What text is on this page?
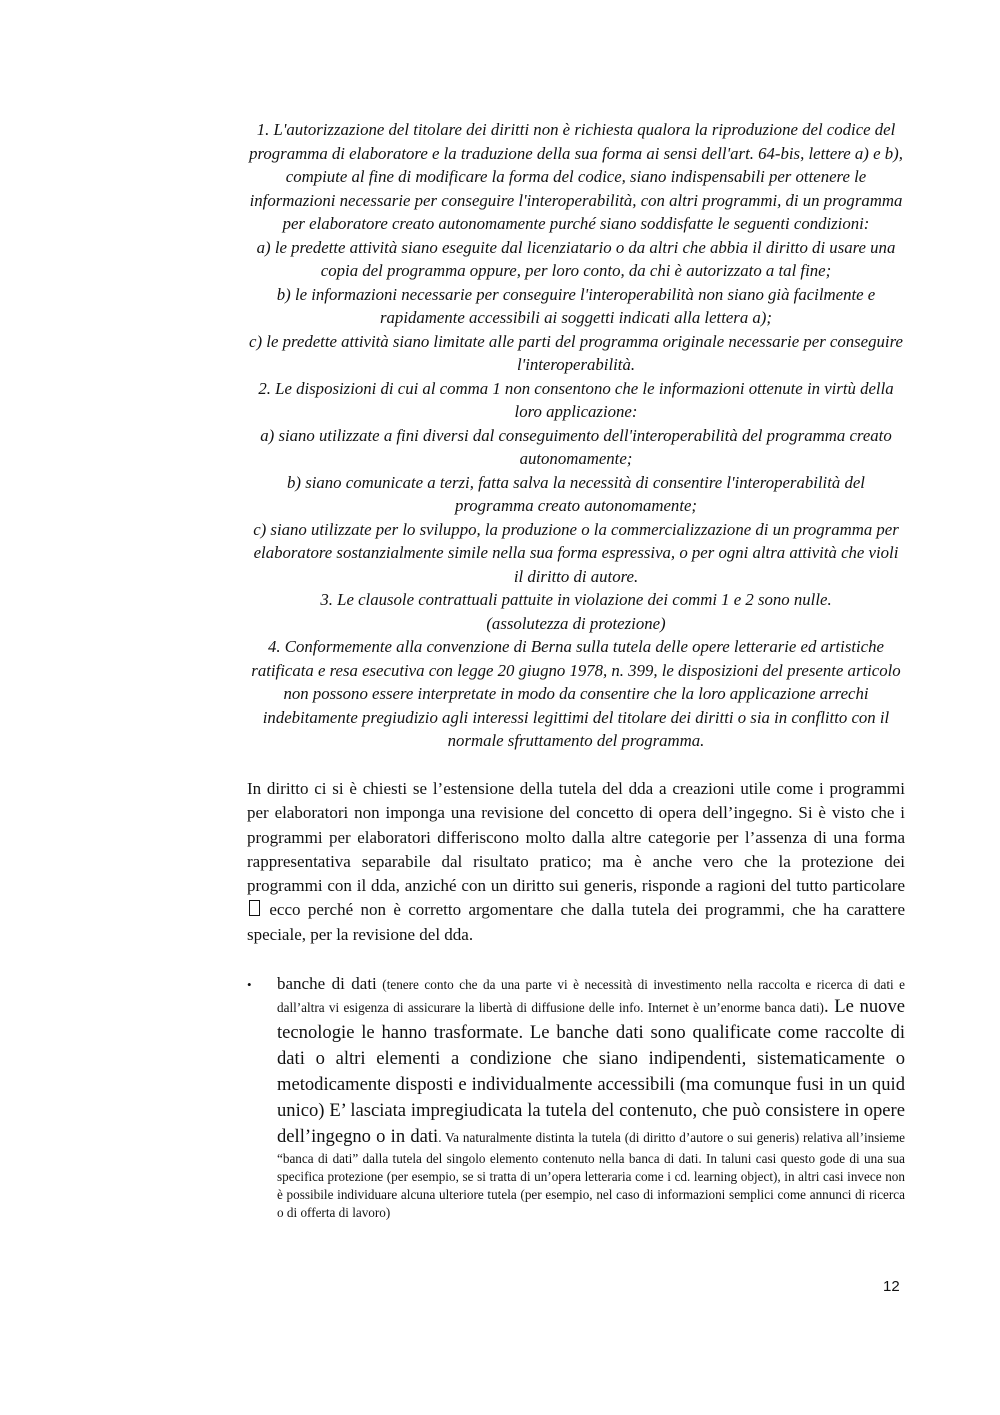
1. L'autorizzazione del titolare dei diritti non è richiesta qualora la riproduzione del codice del programma di elaboratore e la traduzione della sua forma ai sensi dell'art. 64-bis, lettere a) e b), compiute al fine di modificare la forma del codice, siano indispensabili per ottenere le informazioni necessarie per conseguire l'interoperabilità, con altri programmi, di un programma per elaboratore creato autonomamente purché siano soddisfatte le seguenti condizioni:

a) le predette attività siano eseguite dal licenziatario o da altri che abbia il diritto di usare una copia del programma oppure, per loro conto, da chi è autorizzato a tal fine;

b) le informazioni necessarie per conseguire l'interoperabilità non siano già facilmente e rapidamente accessibili ai soggetti indicati alla lettera a);

c) le predette attività siano limitate alle parti del programma originale necessarie per conseguire l'interoperabilità.

2. Le disposizioni di cui al comma 1 non consentono che le informazioni ottenute in virtù della loro applicazione:

a) siano utilizzate a fini diversi dal conseguimento dell'interoperabilità del programma creato autonomamente;

b) siano comunicate a terzi, fatta salva la necessità di consentire l'interoperabilità del programma creato autonomamente;

c) siano utilizzate per lo sviluppo, la produzione o la commercializzazione di un programma per elaboratore sostanzialmente simile nella sua forma espressiva, o per ogni altra attività che violi il diritto di autore.

3. Le clausole contrattuali pattuite in violazione dei commi 1 e 2 sono nulle.

(assolutezza di protezione)

4. Conformemente alla convenzione di Berna sulla tutela delle opere letterarie ed artistiche ratificata e resa esecutiva con legge 20 giugno 1978, n. 399, le disposizioni del presente articolo non possono essere interpretate in modo da consentire che la loro applicazione arrechi indebitamente pregiudizio agli interessi legittimi del titolare dei diritti o sia in conflitto con il normale sfruttamento del programma.

In diritto ci si è chiesti se l’estensione della tutela del dda a creazioni utile come i programmi per elaboratori non imponga una revisione del concetto di opera dell’ingegno. Si è visto che i programmi per elaboratori differiscono molto dalla altre categorie per l’assenza di una forma rappresentativa separabile dal risultato pratico; ma è anche vero che la protezione dei programmi con il dda, anziché con un diritto sui generis, risponde a ragioni del tutto particolare  ecco perché non è corretto argomentare che dalla tutela dei programmi, che ha carattere speciale, per la revisione del dda.

• banche di dati (tenere conto che da una parte vi è necessità di investimento nella raccolta e ricerca di dati e dall’altra vi esigenza di assicurare la libertà di diffusione delle info. Internet è un’enorme banca dati). Le nuove tecnologie le hanno trasformate. Le banche dati sono qualificate come raccolte di dati o altri elementi a condizione che siano indipendenti, sistematicamente o metodicamente disposti e individualmente accessibili (ma comunque fusi in un quid unico) E’ lasciata impregiudicata la tutela del contenuto, che può consistere in opere dell’ingegno o in dati. Va naturalmente distinta la tutela (di diritto d’autore o sui generis) relativa all’insieme “banca di dati” dalla tutela del singolo elemento contenuto nella banca di dati. In taluni casi questo gode di una sua specifica protezione (per esempio, se si tratta di un’opera letteraria come i cd. learning object), in altri casi invece non è possibile individuare alcuna ulteriore tutela (per esempio, nel caso di informazioni semplici come annunci di ricerca o di offerta di lavoro)

12
